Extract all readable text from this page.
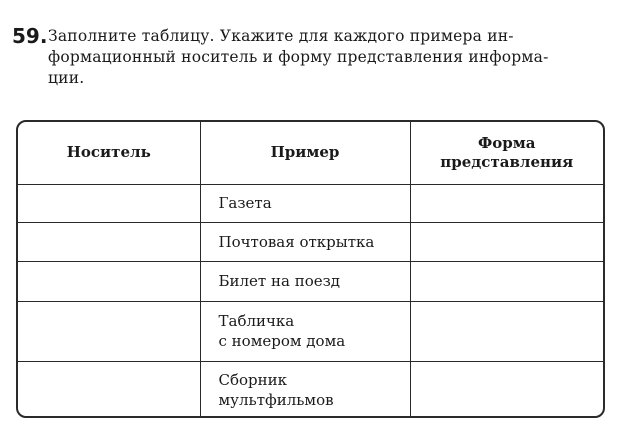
59. Заполните таблицу. Укажите для каждого примера ин-
формационный носитель и форму представления информа-
ции.
Носитель	Пример	Форма
представления

	Газета	

	Почтовая открытка	

	Билет на поезд	

	Табличка
с номером дома	

	Сборник
мультфильмов	
